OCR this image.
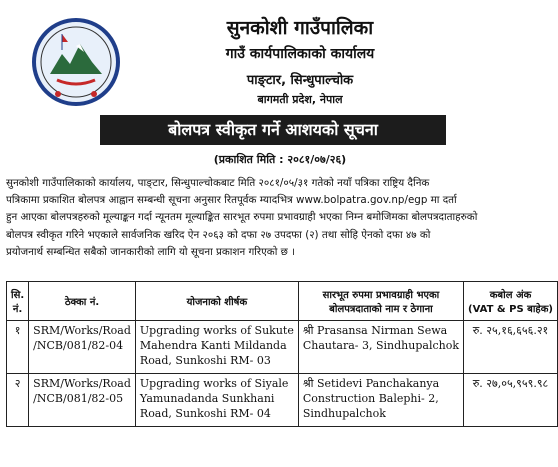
सुनकोशी गाउँपालिका
गाउँ कार्यपालिकाको कार्यालय
पाङ्टार, सिन्धुपाल्चोक
बागमती प्रदेश, नेपाल
बोलपत्र स्वीकृत गर्ने आशयको सूचना
(प्रकाशित मिति : २०८१/०७/२६)
सुनकोशी गाउँपालिकाको कार्यालय, पाङ्टार, सिन्धुपाल्चोकबाट मिति २०८१/०५/३१ गतेको नयाँ पत्रिका राष्ट्रिय दैनिक
पत्रिकामा प्रकाशित बोलपत्र आह्वान सम्बन्धी सूचना अनुसार रितपूर्वक म्यादभित्र www.bolpatra.gov.np/egp मा दर्ता
हुन आएका बोलपत्रहरुको मूल्याङ्कन गर्दा न्यूनतम मूल्याङ्कित सारभूत रुपमा प्रभावग्राही भएका निम्न बमोजिमका बोलपत्रदाताहरुको
बोलपत्र स्वीकृत गरिने भएकाले सार्वजनिक खरिद ऐन २०६३ को दफा २७ उपदफा (२) तथा सोहि ऐनको दफा ४७ को
प्रयोजनार्थ सम्बन्धित सबैको जानकारीको लागि यो सूचना प्रकाशन गरिएको छ ।
सि. नं.	ठेक्का नं.	योजनाको शीर्षक	सारभूत रुपमा प्रभावग्राही भएका बोलपत्रदाताको नाम र ठेगाना	कबोल अंक
(VAT & PS बाहेक)

१	SRM/Works/Road
/NCB/081/82-04	Upgrading works of Sukute
Mahendra Kanti Mildanda
Road, Sunkoshi RM- 03	श्री Prasansa Nirman Sewa
Chautara- 3, Sindhupalchok	रु. २५,१६,६५६.२१
२	SRM/Works/Road
/NCB/081/82-05	Upgrading works of Siyale
Yamunadanda Sunkhani
Road, Sunkoshi RM- 04	श्री Setidevi Panchakanya
Construction Balephi- 2,
Sindhupalchok	रु. २७,०५,९५९.९८
